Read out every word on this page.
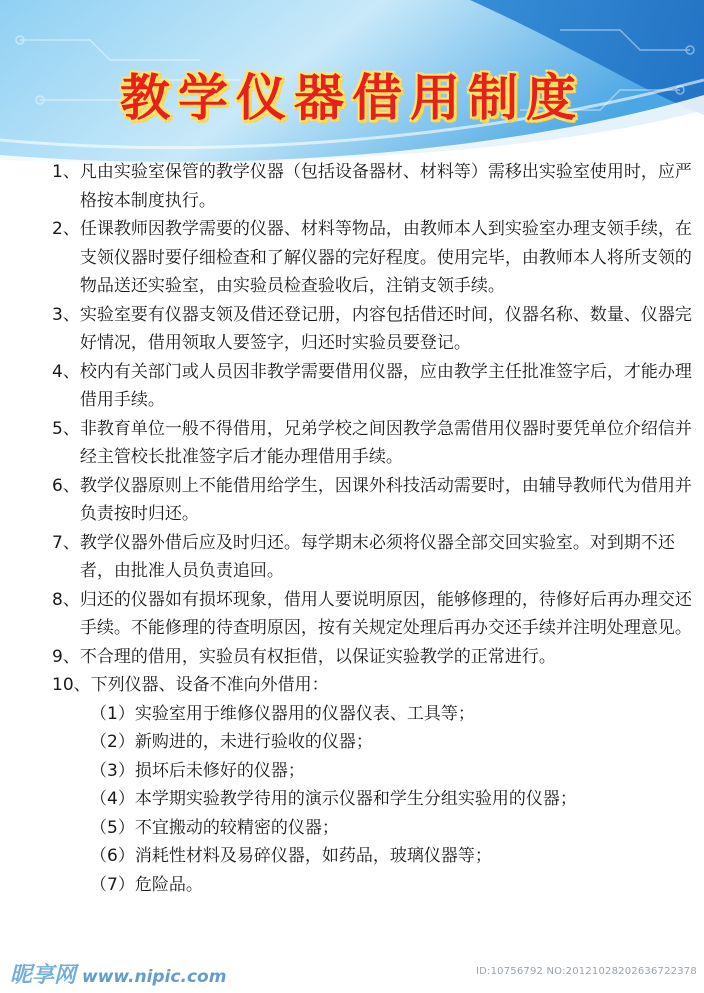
教学仪器借用制度
1、 凡由实验室保管的教学仪器（包括设备器材、材料等）需移出实验室使用时，应严格按本制度执行。
2、 任课教师因教学需要的仪器、材料等物品，由教师本人到实验室办理支领手续，在支领仪器时要仔细检查和了解仪器的完好程度。使用完毕，由教师本人将所支领的物品送还实验室，由实验员检查验收后，注销支领手续。
3、 实验室要有仪器支领及借还登记册，内容包括借还时间，仪器名称、数量、仪器完好情况，借用领取人要签字，归还时实验员要登记。
4、 校内有关部门或人员因非教学需要借用仪器，应由教学主任批准签字后，才能办理借用手续。
5、 非教育单位一般不得借用，兄弟学校之间因教学急需借用仪器时要凭单位介绍信并经主管校长批准签字后才能办理借用手续。
6、 教学仪器原则上不能借用给学生，因课外科技活动需要时，由辅导教师代为借用并负责按时归还。
7、 教学仪器外借后应及时归还。每学期末必须将仪器全部交回实验室。对到期不还者，由批准人员负责追回。
8、 归还的仪器如有损坏现象，借用人要说明原因，能够修理的，待修好后再办理交还手续。不能修理的待查明原因，按有关规定处理后再办交还手续并注明处理意见。
9、 不合理的借用，实验员有权拒借，以保证实验教学的正常进行。
10、 下列仪器、设备不准向外借用：
（1） 实验室用于维修仪器用的仪器仪表、工具等；
（2） 新购进的，未进行验收的仪器；
（3） 损坏后未修好的仪器；
（4） 本学期实验教学待用的演示仪器和学生分组实验用的仪器；
（5） 不宜搬动的较精密的仪器；
（6） 消耗性材料及易碎仪器，如药品，玻璃仪器等；
（7） 危险品。
昵享网 www.nipic.com	ID:10756792 NO:20121028202636722378
